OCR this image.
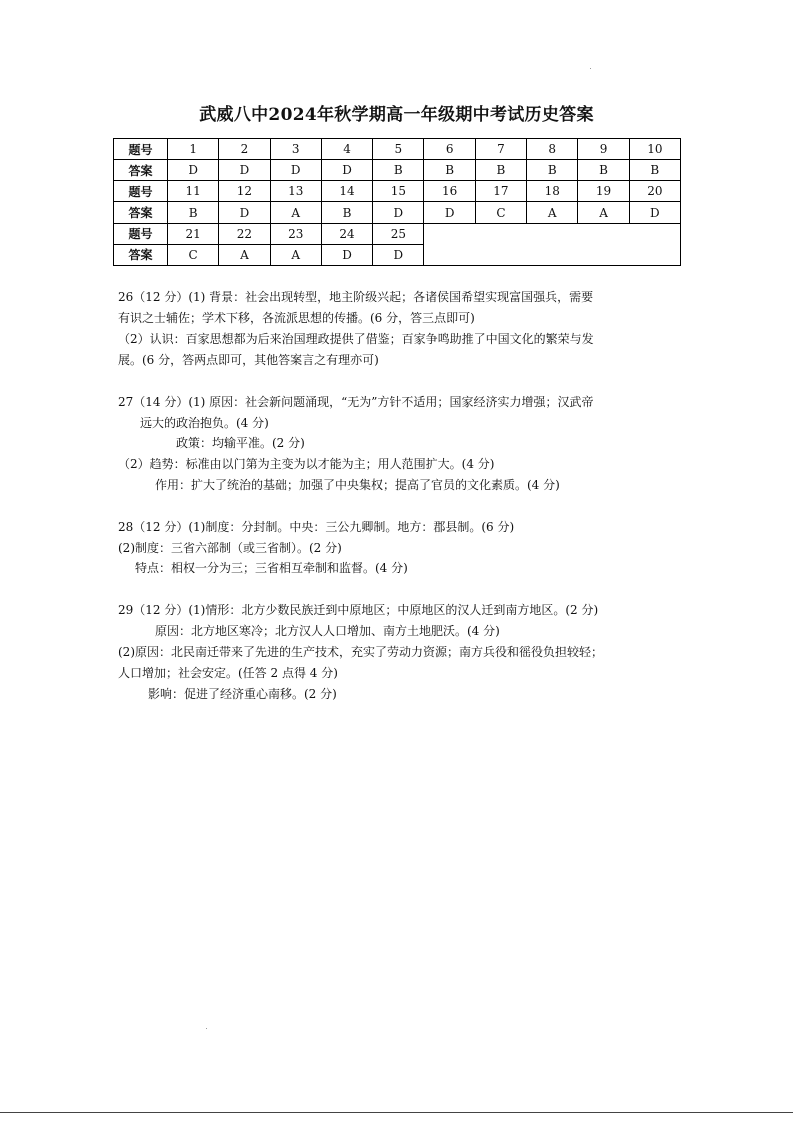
武威八中2024年秋学期高一年级期中考试历史答案
题号	1	2	3	4	5	6	7	8	9	10
答案	D	D	D	D	B	B	B	B	B	B
题号	11	12	13	14	15	16	17	18	19	20
答案	B	D	A	B	D	D	C	A	A	D
题号	21	22	23	24	25					
答案	C	A	A	D	D					
26（12 分）(1) 背景：社会出现转型，地主阶级兴起；各诸侯国希望实现富国强兵，需要
有识之士辅佐；学术下移，各流派思想的传播。(6 分，答三点即可)
（2）认识：百家思想都为后来治国理政提供了借鉴；百家争鸣助推了中国文化的繁荣与发
展。(6 分，答两点即可，其他答案言之有理亦可)
27（14 分）(1) 原因：社会新问题涌现，“无为”方针不适用；国家经济实力增强；汉武帝
远大的政治抱负。(4 分)
政策：均输平准。(2 分)
（2）趋势：标准由以门第为主变为以才能为主；用人范围扩大。(4 分)
作用：扩大了统治的基础；加强了中央集权；提高了官员的文化素质。(4 分)
28（12 分）(1)制度：分封制。中央：三公九卿制。地方：郡县制。(6 分)
(2)制度：三省六部制（或三省制）。(2 分)
特点：相权一分为三；三省相互牵制和监督。(4 分)
29（12 分）(1)情形：北方少数民族迁到中原地区；中原地区的汉人迁到南方地区。(2 分)
原因：北方地区寒冷；北方汉人人口增加、南方土地肥沃。(4 分)
(2)原因：北民南迁带来了先进的生产技术，充实了劳动力资源；南方兵役和徭役负担较轻；
人口增加；社会安定。(任答 2 点得 4 分)
影响：促进了经济重心南移。(2 分)
